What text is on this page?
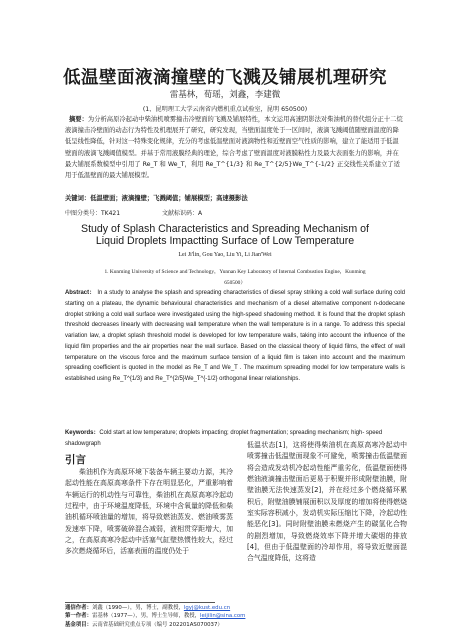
低温壁面液滴撞壁的飞溅及铺展机理研究
雷基林，荀瑶，刘鑫，李建微
(1、昆明理工大学云南省内燃机重点试验室，昆明 650500)
摘要：为分析高原冷起动中柴油机喷雾撞击冷壁面的飞溅及铺展特性，本文运用高速阴影法对柴油机的替代组分正十二烷液滴撞击冷壁面的动态行为特性及机理展开了研究，研究发现，当壁面温度处于一区间时，液滴飞溅阈值随壁面温度的降低呈线性降低，针对这一特殊变化规律，充分的考虑低温壁面对液滴物性和近壁面空气性质的影响，建立了能适用于低温壁面的液滴飞溅阈值模型。并基于常用液膜经典的理论，综合考虑了壁面温度对液膜粘性力及最大表面张力的影响，并在最大铺展系数模型中引用了 Re_T 和 We_T，利用 Re_T^{1/3} 和 Re_T^{2/5}We_T^{-1/2} 正交线性关系建立了适用于低温壁面的最大铺展模型。
关键词：低温壁面；液滴撞壁；飞溅阈值；铺展模型；高速摄影法
中图分类号：TK421	文献标识码：A
Study of Splash Characteristics and Spreading Mechanism of
Liquid Droplets Impactting Surface of Low Temperature
Lei Ji'lin, Gou Yao, Liu Yi, Li Jian'Wei
1. Kunming University of Science and Technology，Yunnan Key Laboratory of Internal Combustion Engine，Kunming
650500）
Abstract： In a study to analyse the splash and spreading characteristics of diesel spray striking a cold wall surface during cold starting on a plateau, the dynamic behavioural characteristics and mechanism of a diesel alternative component n-dodecane droplet striking a cold wall surface were investigated using the high-speed shadowing method. It is found that the droplet splash threshold decreases linearly with decreasing wall temperature when the wall temperature is in a range. To address this special variation law, a droplet splash threshold model is developed for low temperature walls, taking into account the influence of the liquid film properties and the air properties near the wall surface. Based on the classical theory of liquid films, the effect of wall temperature on the viscous force and the maximum surface tension of a liquid film is taken into account and the maximum spreading coefficient is quoted in the model as Re_T and We_T . The maximum spreading model for low temperature walls is established using Re_T^{1/3} and Re_T^{2/5}We_T^{-1/2} orthogonal linear relationships.
Keywords：Cold start at low temperature; droplets impacting; droplet fragmentation; spreading mechanism; high- speed shadowgraph
引言
柴油机作为高原环境下装备车辆主要动力源，其冷起动性能在高原高寒条件下存在明显恶化，严重影响着车辆运行的机动性与可靠性，柴油机在高原高寒冷起动过程中，由于环境温度降低，环境中含氧量的降低和柴油机循环喷油量的增加，将导致燃油蒸发、燃油喷雾蒸发速率下降，喷雾破碎混合减弱，液相贯穿距增大，加之，在高原高寒冷起动中活塞气缸壁热惯性较大，经过多次燃烧循环后，活塞表面的温度仍处于
低温状态[1]，这将使得柴油机在高原高寒冷起动中喷雾撞击低温壁面现象不可避免，喷雾撞击低温壁面将会造成发动机冷起动性能严重劣化，低温壁面使得燃油液滴撞击壁面后更易于积聚并形成附壁油膜，附壁油膜无法快速蒸发[2]，并在经过多个燃烧循环累积后，附壁油膜铺展面积以及厚度的增加将使得燃烧室实际容积减小，发动机实际压缩比下降，冷起动性能恶化[3]。同时附壁油膜未燃烧产生的碳氢化合物的剧烈增加，导致燃烧效率下降并增大碳烟的排放[4]，但由于低温壁面的冷却作用，将导致近壁面混合气温度降低，这将造
通信作者：刘鑫（1990—），男，博士，副教授，lgyj@kust.edu.cn
第一作者：雷基林（1977—），男，博士生导师，教授，leijilin@sina.com
基金项目：云南省基础研究重点专项（编号 202201AS070037）
